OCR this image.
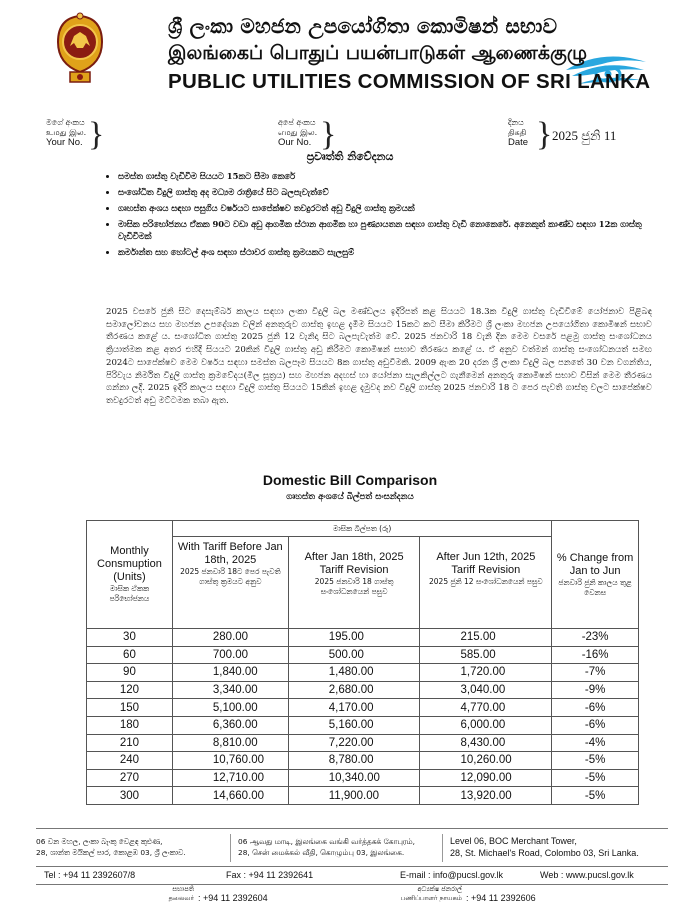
ශ්‍රී ලංකා මහජන උපයෝගිතා කොමිෂන් සභාව
இலங்கைப் பொதுப் பயன்பாடுகள் ஆணைக்குழு
PUBLIC UTILITIES COMMISSION OF SRI LANKA
මගේ අංකය
உமது இல.
Your No. }	අපේ අංකය
எமது இல.
Our No. }	දිනය
திகதி
Date } 2025 ජුනි 11
ප්‍රවෘත්ති නිවේදනය
• සමස්ත ගාස්තු වැඩිවීම සියයට 15කට සීමා කෙරේ
• සංශෝධිත විදුලි ගාස්තු අද මධ්‍යම රාත්‍රියේ සිට බලපැවැත්වේ
• ගෘහස්ත අංශය සඳහා පසුගිය වර්ෂයට සාපේක්ෂව තවදුරටත් අඩු විදුලි ගාස්තු ක්‍රමයක්
• මාසික පරිභෝජනය ඒකක 90ට වඩා අඩු ආගමික ස්ථාන ආගමික හා පුණ්‍යායතන සඳහා ගාස්තු වැඩි නොකෙරේ. අනෙකුත් කාණ්ඩ සඳහා 12ක ගාස්තු වැඩිවීමක්
• කර්මාන්ත සහ හෝටල් අංශ සඳහා ස්ථාවර ගාස්තු ක්‍රමයකට සැලසුම්
2025 වසරේ ජුනි සිට දෙසැම්බර් කාලය සඳහා ලංකා විදුලි බල මණ්ඩලය ඉදිරිපත් කළ සියයට 18.3ක විදුලි ගාස්තු වැඩිවීමේ යෝජනාව පිළිබඳ සමාලෝචනය සහ මහජන උපදේශන වලින් අනතුරුව ගාස්තු ඉහළ දැමීම සියයට 15කට කට සීමා කිරීමට ශ්‍රී ලංකා මහජන උපයෝගිතා කොමිෂන් සභාව තීරණය කළේ ය. සංශෝධිත ගාස්තු 2025 ජුනි 12 වැනිදා සිට බලපැවැත්ම වේ. 2025 ජනවාරි 18 වැනි දින මෙම වසරේ පළමු ගාස්තු සංශෝධනය ක්‍රියාත්මක කළ අතර එහිදී සියයට 20කින් විදුලි ගාස්තු අඩු කිරීමට කොමිෂන් සභාව තීරණය කළේ ය. ඒ අනුව වත්මන් ගාස්තු සංශෝධනයත් සමඟ 2024ට සාපේක්ෂව මෙම වර්ෂය සඳහා සමස්ත බලපෑම සියයට 8ක ගාස්තු අඩුවීමකි. 2009 ඇංක 20 දරන ශ්‍රී ලංකා විදුලි බල පනතේ 30 වන වගන්තිය, පිරිවැය නිර්මිත විදුලි ගාස්තු ක්‍රමවේදය(මිල සූත්‍රය) සහ මහජන අදහස් හා යෝජනා සැලකිල්ලට ගැනීමෙන් අනතුරු කොමිෂන් සභාව විසින් මෙම තීරණය ගන්නා ලදී. 2025 ඉදිරි කාලය සඳහා විදුලි ගාස්තු සියයට 15කින් ඉහළ දැමුවද නව විදුලි ගාස්තු 2025 ජනවාරි 18 ට පෙර පැවති ගාස්තු වලට සාපේක්ෂව තවදුරටත් අඩු මට්ටමක තබා ඇත.
Domestic Bill Comparison
ගෘහස්ත අංශයේ බිල්පත් සංසන්දනය
Monthly Consmuption (Units)
මාසික ඒකක පරිභෝජනය	මාසික බිල්පත (රු)			% Change from Jan to Jun
ජනවාරි ජුනි කාලය තුළ වෙනස

	With Tariff Before Jan 18th, 2025
2025 ජනවාරි 18ට පෙර පැවති ගාස්තු ක්‍රමයට අනුව	After Jan 18th, 2025 Tariff Revision
2025 ජනවාරි 18 ගාස්තු සංශෝධනයෙන් පසුව	After Jun 12th, 2025 Tariff Revision
2025 ජුනි 12 සංශෝධනයෙන් පසුව	

30	280.00	195.00	215.00	-23%
60	700.00	500.00	585.00	-16%
90	1,840.00	1,480.00	1,720.00	-7%
120	3,340.00	2,680.00	3,040.00	-9%
150	5,100.00	4,170.00	4,770.00	-6%
180	6,360.00	5,160.00	6,000.00	-6%
210	8,810.00	7,220.00	8,430.00	-4%
240	10,760.00	8,780.00	10,260.00	-5%
270	12,710.00	10,340.00	12,090.00	-5%
300	14,660.00	11,900.00	13,920.00	-5%
06 වන මහල, ලංකා බැංකු වෙළඳ කුළුණ,
28, ශාන්ත මයිකල් පාර, කොළඹ 03, ශ්‍රී ලංකාව.
06 ஆவது மாடி, இலங்கை வங்கி வர்த்தகக் கோபுரம்,
28, சென் மைக்கல் வீதி, கொழும்பு 03, இலங்கை.
Level 06, BOC Merchant Tower,
28, St. Michael's Road, Colombo 03, Sri Lanka.
Tel : +94 11 2392607/8	Fax : +94 11 2392641	E-mail : info@pucsl.gov.lk	Web : www.pucsl.gov.lk
සභාපති
தலைவர் : +94 11 2392604
අධ්‍යක්ෂ ජනරාල්
பணிப்பாளர் நாயகம் : +94 11 2392606
